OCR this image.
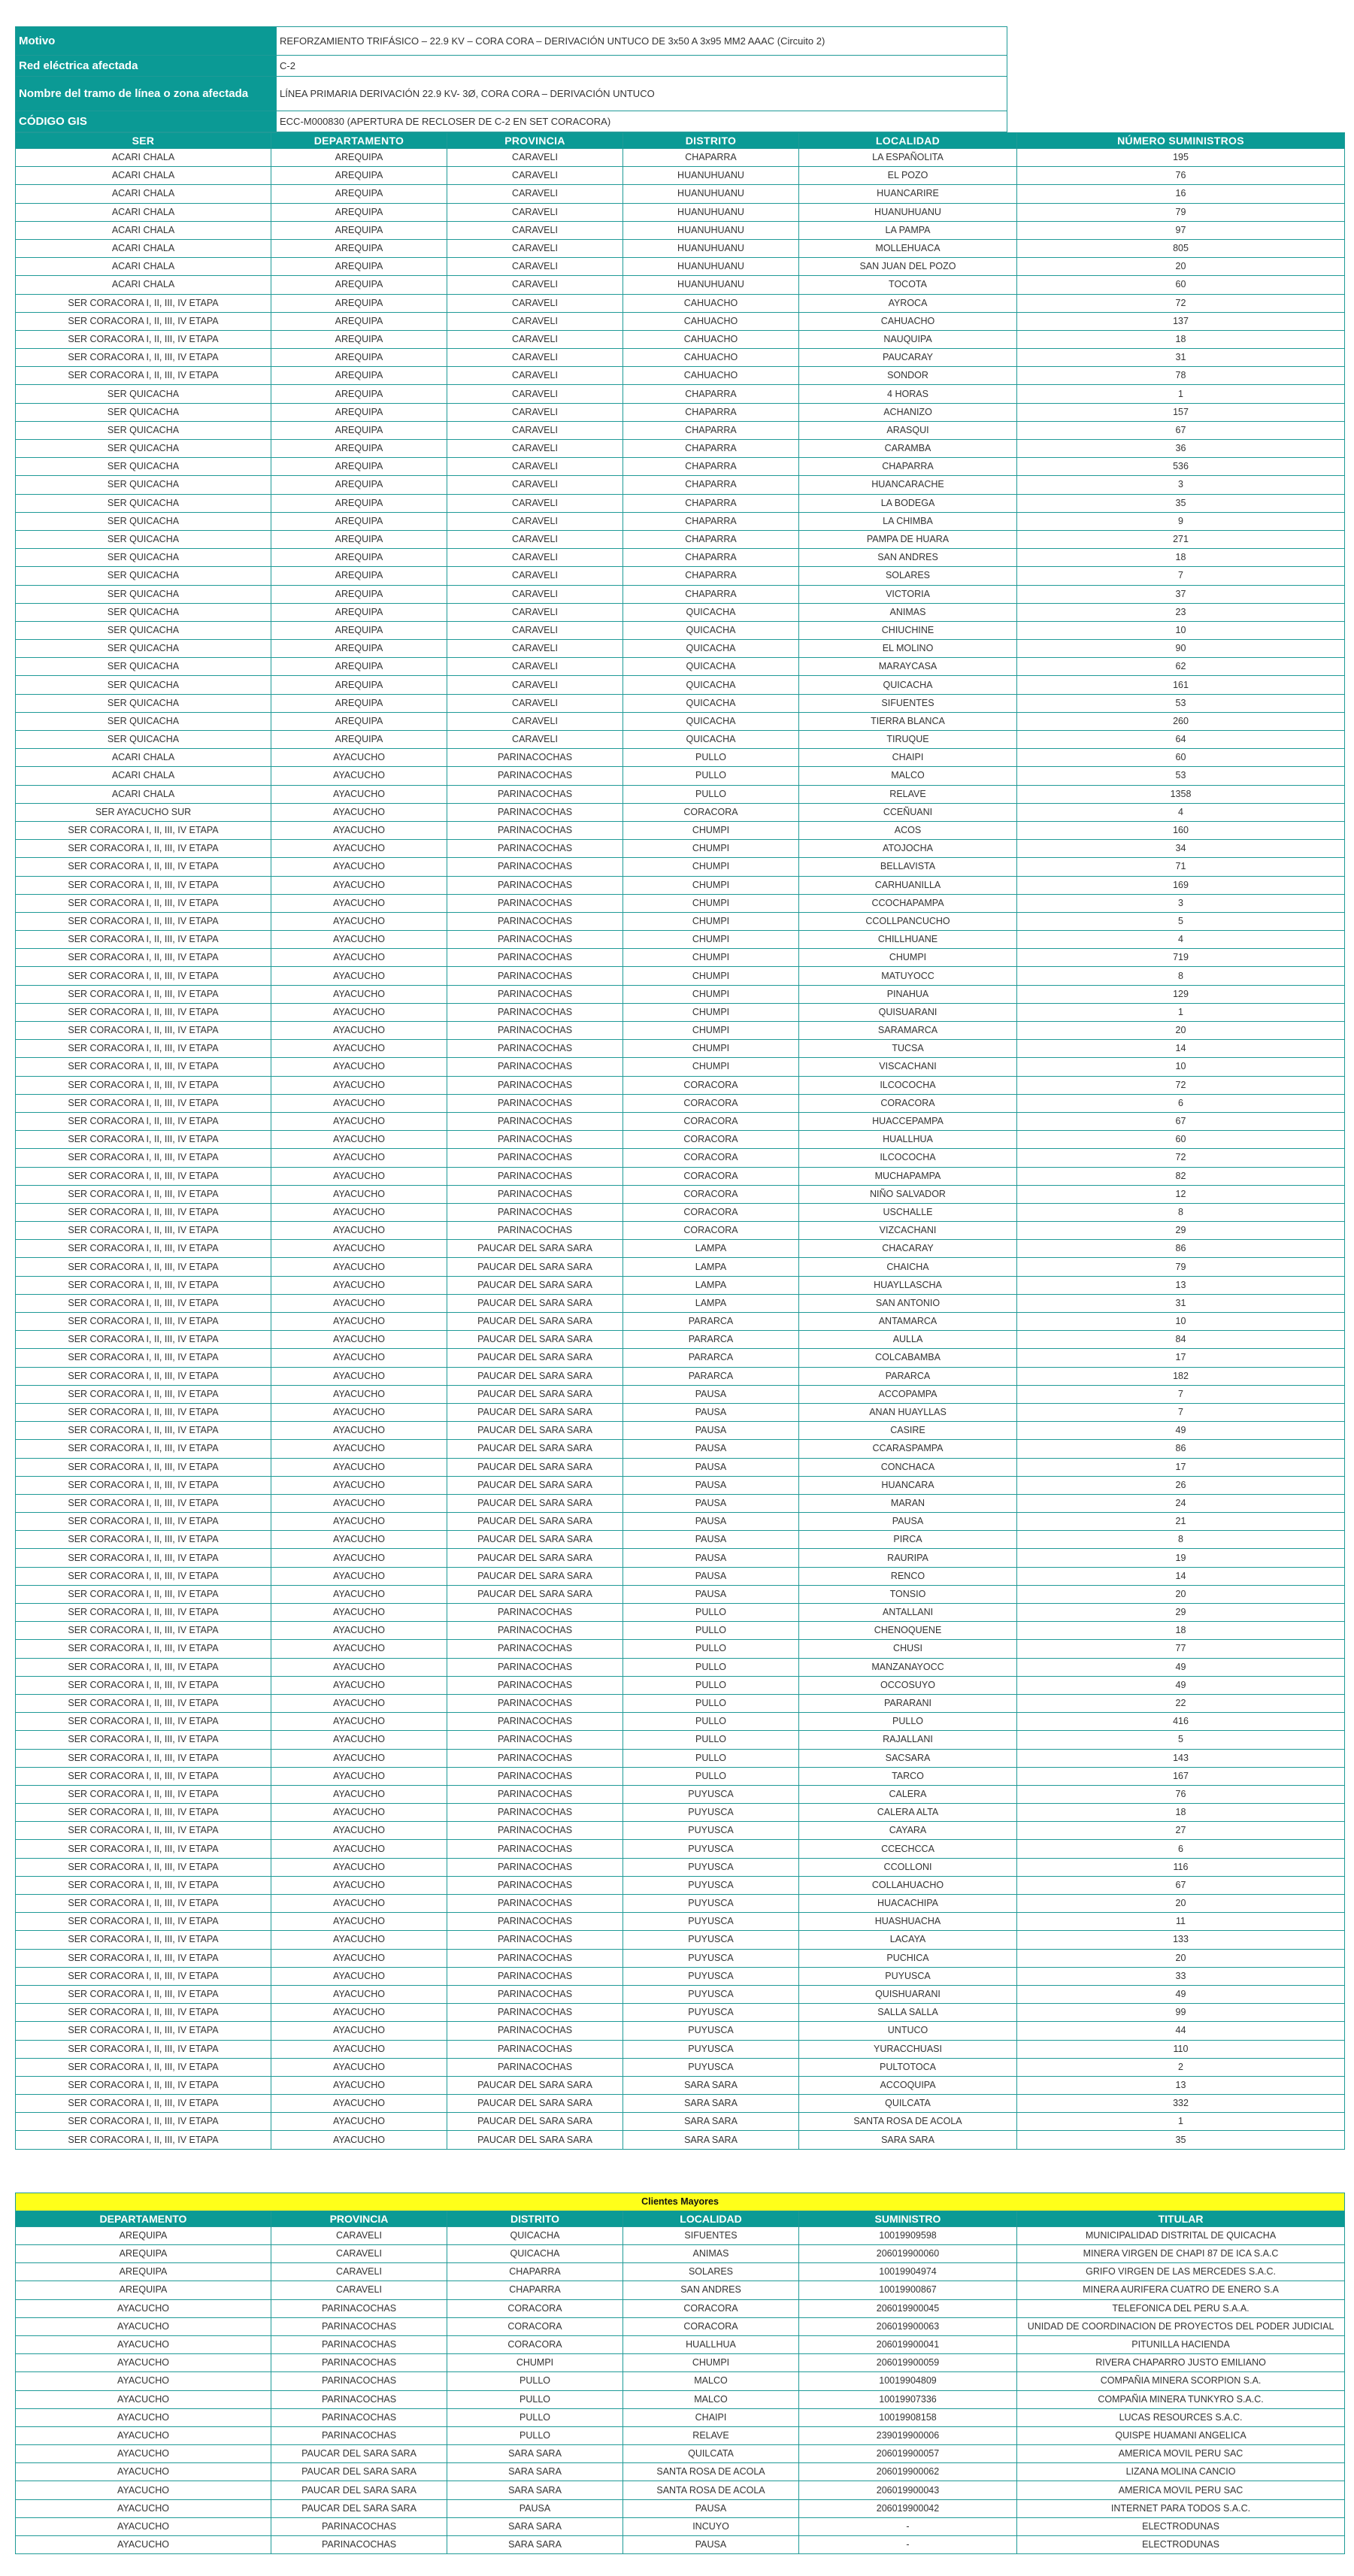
Motivo	REFORZAMIENTO TRIFÁSICO – 22.9 KV – CORA CORA – DERIVACIÓN UNTUCO DE 3x50 A 3x95 MM2 AAAC (Circuito 2)
Red eléctrica afectada	C-2
Nombre del tramo de línea o zona afectada	LÍNEA PRIMARIA DERIVACIÓN 22.9 KV- 3Ø, CORA CORA – DERIVACIÓN UNTUCO
CÓDIGO GIS	ECC-M000830 (APERTURA DE RECLOSER DE C-2 EN SET CORACORA)
SER	DEPARTAMENTO	PROVINCIA	DISTRITO	LOCALIDAD	NÚMERO SUMINISTROS
ACARI CHALA	AREQUIPA	CARAVELI	CHAPARRA	LA ESPAÑOLITA	195
ACARI CHALA	AREQUIPA	CARAVELI	HUANUHUANU	EL POZO	76
ACARI CHALA	AREQUIPA	CARAVELI	HUANUHUANU	HUANCARIRE	16
ACARI CHALA	AREQUIPA	CARAVELI	HUANUHUANU	HUANUHUANU	79
ACARI CHALA	AREQUIPA	CARAVELI	HUANUHUANU	LA PAMPA	97
ACARI CHALA	AREQUIPA	CARAVELI	HUANUHUANU	MOLLEHUACA	805
ACARI CHALA	AREQUIPA	CARAVELI	HUANUHUANU	SAN JUAN DEL POZO	20
ACARI CHALA	AREQUIPA	CARAVELI	HUANUHUANU	TOCOTA	60
SER CORACORA I, II, III, IV ETAPA	AREQUIPA	CARAVELI	CAHUACHO	AYROCA	72
SER CORACORA I, II, III, IV ETAPA	AREQUIPA	CARAVELI	CAHUACHO	CAHUACHO	137
SER CORACORA I, II, III, IV ETAPA	AREQUIPA	CARAVELI	CAHUACHO	NAUQUIPA	18
SER CORACORA I, II, III, IV ETAPA	AREQUIPA	CARAVELI	CAHUACHO	PAUCARAY	31
SER CORACORA I, II, III, IV ETAPA	AREQUIPA	CARAVELI	CAHUACHO	SONDOR	78
SER QUICACHA	AREQUIPA	CARAVELI	CHAPARRA	4 HORAS	1
SER QUICACHA	AREQUIPA	CARAVELI	CHAPARRA	ACHANIZO	157
SER QUICACHA	AREQUIPA	CARAVELI	CHAPARRA	ARASQUI	67
SER QUICACHA	AREQUIPA	CARAVELI	CHAPARRA	CARAMBA	36
SER QUICACHA	AREQUIPA	CARAVELI	CHAPARRA	CHAPARRA	536
SER QUICACHA	AREQUIPA	CARAVELI	CHAPARRA	HUANCARACHE	3
SER QUICACHA	AREQUIPA	CARAVELI	CHAPARRA	LA BODEGA	35
SER QUICACHA	AREQUIPA	CARAVELI	CHAPARRA	LA CHIMBA	9
SER QUICACHA	AREQUIPA	CARAVELI	CHAPARRA	PAMPA DE HUARA	271
SER QUICACHA	AREQUIPA	CARAVELI	CHAPARRA	SAN ANDRES	18
SER QUICACHA	AREQUIPA	CARAVELI	CHAPARRA	SOLARES	7
SER QUICACHA	AREQUIPA	CARAVELI	CHAPARRA	VICTORIA	37
SER QUICACHA	AREQUIPA	CARAVELI	QUICACHA	ANIMAS	23
SER QUICACHA	AREQUIPA	CARAVELI	QUICACHA	CHIUCHINE	10
SER QUICACHA	AREQUIPA	CARAVELI	QUICACHA	EL MOLINO	90
SER QUICACHA	AREQUIPA	CARAVELI	QUICACHA	MARAYCASA	62
SER QUICACHA	AREQUIPA	CARAVELI	QUICACHA	QUICACHA	161
SER QUICACHA	AREQUIPA	CARAVELI	QUICACHA	SIFUENTES	53
SER QUICACHA	AREQUIPA	CARAVELI	QUICACHA	TIERRA BLANCA	260
SER QUICACHA	AREQUIPA	CARAVELI	QUICACHA	TIRUQUE	64
ACARI CHALA	AYACUCHO	PARINACOCHAS	PULLO	CHAIPI	60
ACARI CHALA	AYACUCHO	PARINACOCHAS	PULLO	MALCO	53
ACARI CHALA	AYACUCHO	PARINACOCHAS	PULLO	RELAVE	1358
SER AYACUCHO SUR	AYACUCHO	PARINACOCHAS	CORACORA	CCEÑUANI	4
SER CORACORA I, II, III, IV ETAPA	AYACUCHO	PARINACOCHAS	CHUMPI	ACOS	160
SER CORACORA I, II, III, IV ETAPA	AYACUCHO	PARINACOCHAS	CHUMPI	ATOJOCHA	34
SER CORACORA I, II, III, IV ETAPA	AYACUCHO	PARINACOCHAS	CHUMPI	BELLAVISTA	71
SER CORACORA I, II, III, IV ETAPA	AYACUCHO	PARINACOCHAS	CHUMPI	CARHUANILLA	169
SER CORACORA I, II, III, IV ETAPA	AYACUCHO	PARINACOCHAS	CHUMPI	CCOCHAPAMPA	3
SER CORACORA I, II, III, IV ETAPA	AYACUCHO	PARINACOCHAS	CHUMPI	CCOLLPANCUCHO	5
SER CORACORA I, II, III, IV ETAPA	AYACUCHO	PARINACOCHAS	CHUMPI	CHILLHUANE	4
SER CORACORA I, II, III, IV ETAPA	AYACUCHO	PARINACOCHAS	CHUMPI	CHUMPI	719
SER CORACORA I, II, III, IV ETAPA	AYACUCHO	PARINACOCHAS	CHUMPI	MATUYOCC	8
SER CORACORA I, II, III, IV ETAPA	AYACUCHO	PARINACOCHAS	CHUMPI	PINAHUA	129
SER CORACORA I, II, III, IV ETAPA	AYACUCHO	PARINACOCHAS	CHUMPI	QUISUARANI	1
SER CORACORA I, II, III, IV ETAPA	AYACUCHO	PARINACOCHAS	CHUMPI	SARAMARCA	20
SER CORACORA I, II, III, IV ETAPA	AYACUCHO	PARINACOCHAS	CHUMPI	TUCSA	14
SER CORACORA I, II, III, IV ETAPA	AYACUCHO	PARINACOCHAS	CHUMPI	VISCACHANI	10
SER CORACORA I, II, III, IV ETAPA	AYACUCHO	PARINACOCHAS	CORACORA	ILCOCOCHA	72
SER CORACORA I, II, III, IV ETAPA	AYACUCHO	PARINACOCHAS	CORACORA	CORACORA	6
SER CORACORA I, II, III, IV ETAPA	AYACUCHO	PARINACOCHAS	CORACORA	HUACCEPAMPA	67
SER CORACORA I, II, III, IV ETAPA	AYACUCHO	PARINACOCHAS	CORACORA	HUALLHUA	60
SER CORACORA I, II, III, IV ETAPA	AYACUCHO	PARINACOCHAS	CORACORA	ILCOCOCHA	72
SER CORACORA I, II, III, IV ETAPA	AYACUCHO	PARINACOCHAS	CORACORA	MUCHAPAMPA	82
SER CORACORA I, II, III, IV ETAPA	AYACUCHO	PARINACOCHAS	CORACORA	NIÑO SALVADOR	12
SER CORACORA I, II, III, IV ETAPA	AYACUCHO	PARINACOCHAS	CORACORA	USCHALLE	8
SER CORACORA I, II, III, IV ETAPA	AYACUCHO	PARINACOCHAS	CORACORA	VIZCACHANI	29
SER CORACORA I, II, III, IV ETAPA	AYACUCHO	PAUCAR DEL SARA SARA	LAMPA	CHACARAY	86
SER CORACORA I, II, III, IV ETAPA	AYACUCHO	PAUCAR DEL SARA SARA	LAMPA	CHAICHA	79
SER CORACORA I, II, III, IV ETAPA	AYACUCHO	PAUCAR DEL SARA SARA	LAMPA	HUAYLLASCHA	13
SER CORACORA I, II, III, IV ETAPA	AYACUCHO	PAUCAR DEL SARA SARA	LAMPA	SAN ANTONIO	31
SER CORACORA I, II, III, IV ETAPA	AYACUCHO	PAUCAR DEL SARA SARA	PARARCA	ANTAMARCA	10
SER CORACORA I, II, III, IV ETAPA	AYACUCHO	PAUCAR DEL SARA SARA	PARARCA	AULLA	84
SER CORACORA I, II, III, IV ETAPA	AYACUCHO	PAUCAR DEL SARA SARA	PARARCA	COLCABAMBA	17
SER CORACORA I, II, III, IV ETAPA	AYACUCHO	PAUCAR DEL SARA SARA	PARARCA	PARARCA	182
SER CORACORA I, II, III, IV ETAPA	AYACUCHO	PAUCAR DEL SARA SARA	PAUSA	ACCOPAMPA	7
SER CORACORA I, II, III, IV ETAPA	AYACUCHO	PAUCAR DEL SARA SARA	PAUSA	ANAN HUAYLLAS	7
SER CORACORA I, II, III, IV ETAPA	AYACUCHO	PAUCAR DEL SARA SARA	PAUSA	CASIRE	49
SER CORACORA I, II, III, IV ETAPA	AYACUCHO	PAUCAR DEL SARA SARA	PAUSA	CCARASPAMPA	86
SER CORACORA I, II, III, IV ETAPA	AYACUCHO	PAUCAR DEL SARA SARA	PAUSA	CONCHACA	17
SER CORACORA I, II, III, IV ETAPA	AYACUCHO	PAUCAR DEL SARA SARA	PAUSA	HUANCARA	26
SER CORACORA I, II, III, IV ETAPA	AYACUCHO	PAUCAR DEL SARA SARA	PAUSA	MARAN	24
SER CORACORA I, II, III, IV ETAPA	AYACUCHO	PAUCAR DEL SARA SARA	PAUSA	PAUSA	21
SER CORACORA I, II, III, IV ETAPA	AYACUCHO	PAUCAR DEL SARA SARA	PAUSA	PIRCA	8
SER CORACORA I, II, III, IV ETAPA	AYACUCHO	PAUCAR DEL SARA SARA	PAUSA	RAURIPA	19
SER CORACORA I, II, III, IV ETAPA	AYACUCHO	PAUCAR DEL SARA SARA	PAUSA	RENCO	14
SER CORACORA I, II, III, IV ETAPA	AYACUCHO	PAUCAR DEL SARA SARA	PAUSA	TONSIO	20
SER CORACORA I, II, III, IV ETAPA	AYACUCHO	PARINACOCHAS	PULLO	ANTALLANI	29
SER CORACORA I, II, III, IV ETAPA	AYACUCHO	PARINACOCHAS	PULLO	CHENOQUENE	18
SER CORACORA I, II, III, IV ETAPA	AYACUCHO	PARINACOCHAS	PULLO	CHUSI	77
SER CORACORA I, II, III, IV ETAPA	AYACUCHO	PARINACOCHAS	PULLO	MANZANAYOCC	49
SER CORACORA I, II, III, IV ETAPA	AYACUCHO	PARINACOCHAS	PULLO	OCCOSUYO	49
SER CORACORA I, II, III, IV ETAPA	AYACUCHO	PARINACOCHAS	PULLO	PARARANI	22
SER CORACORA I, II, III, IV ETAPA	AYACUCHO	PARINACOCHAS	PULLO	PULLO	416
SER CORACORA I, II, III, IV ETAPA	AYACUCHO	PARINACOCHAS	PULLO	RAJALLANI	5
SER CORACORA I, II, III, IV ETAPA	AYACUCHO	PARINACOCHAS	PULLO	SACSARA	143
SER CORACORA I, II, III, IV ETAPA	AYACUCHO	PARINACOCHAS	PULLO	TARCO	167
SER CORACORA I, II, III, IV ETAPA	AYACUCHO	PARINACOCHAS	PUYUSCA	CALERA	76
SER CORACORA I, II, III, IV ETAPA	AYACUCHO	PARINACOCHAS	PUYUSCA	CALERA ALTA	18
SER CORACORA I, II, III, IV ETAPA	AYACUCHO	PARINACOCHAS	PUYUSCA	CAYARA	27
SER CORACORA I, II, III, IV ETAPA	AYACUCHO	PARINACOCHAS	PUYUSCA	CCECHCCA	6
SER CORACORA I, II, III, IV ETAPA	AYACUCHO	PARINACOCHAS	PUYUSCA	CCOLLONI	116
SER CORACORA I, II, III, IV ETAPA	AYACUCHO	PARINACOCHAS	PUYUSCA	COLLAHUACHO	67
SER CORACORA I, II, III, IV ETAPA	AYACUCHO	PARINACOCHAS	PUYUSCA	HUACACHIPA	20
SER CORACORA I, II, III, IV ETAPA	AYACUCHO	PARINACOCHAS	PUYUSCA	HUASHUACHA	11
SER CORACORA I, II, III, IV ETAPA	AYACUCHO	PARINACOCHAS	PUYUSCA	LACAYA	133
SER CORACORA I, II, III, IV ETAPA	AYACUCHO	PARINACOCHAS	PUYUSCA	PUCHICA	20
SER CORACORA I, II, III, IV ETAPA	AYACUCHO	PARINACOCHAS	PUYUSCA	PUYUSCA	33
SER CORACORA I, II, III, IV ETAPA	AYACUCHO	PARINACOCHAS	PUYUSCA	QUISHUARANI	49
SER CORACORA I, II, III, IV ETAPA	AYACUCHO	PARINACOCHAS	PUYUSCA	SALLA SALLA	99
SER CORACORA I, II, III, IV ETAPA	AYACUCHO	PARINACOCHAS	PUYUSCA	UNTUCO	44
SER CORACORA I, II, III, IV ETAPA	AYACUCHO	PARINACOCHAS	PUYUSCA	YURACCHUASI	110
SER CORACORA I, II, III, IV ETAPA	AYACUCHO	PARINACOCHAS	PUYUSCA	PULTOTOCA	2
SER CORACORA I, II, III, IV ETAPA	AYACUCHO	PAUCAR DEL SARA SARA	SARA SARA	ACCOQUIPA	13
SER CORACORA I, II, III, IV ETAPA	AYACUCHO	PAUCAR DEL SARA SARA	SARA SARA	QUILCATA	332
SER CORACORA I, II, III, IV ETAPA	AYACUCHO	PAUCAR DEL SARA SARA	SARA SARA	SANTA ROSA DE ACOLA	1
SER CORACORA I, II, III, IV ETAPA	AYACUCHO	PAUCAR DEL SARA SARA	SARA SARA	SARA SARA	35
Clientes Mayores					
DEPARTAMENTO	PROVINCIA	DISTRITO	LOCALIDAD	SUMINISTRO	TITULAR
AREQUIPA	CARAVELI	QUICACHA	SIFUENTES	10019909598	MUNICIPALIDAD DISTRITAL DE QUICACHA
AREQUIPA	CARAVELI	QUICACHA	ANIMAS	206019900060	MINERA VIRGEN DE CHAPI 87 DE ICA S.A.C
AREQUIPA	CARAVELI	CHAPARRA	SOLARES	10019904974	GRIFO VIRGEN DE LAS MERCEDES S.A.C.
AREQUIPA	CARAVELI	CHAPARRA	SAN ANDRES	10019900867	MINERA AURIFERA CUATRO DE ENERO S.A
AYACUCHO	PARINACOCHAS	CORACORA	CORACORA	206019900045	TELEFONICA DEL PERU S.A.A.
AYACUCHO	PARINACOCHAS	CORACORA	CORACORA	206019900063	UNIDAD DE COORDINACION DE PROYECTOS DEL PODER JUDICIAL
AYACUCHO	PARINACOCHAS	CORACORA	HUALLHUA	206019900041	PITUNILLA HACIENDA
AYACUCHO	PARINACOCHAS	CHUMPI	CHUMPI	206019900059	RIVERA CHAPARRO JUSTO EMILIANO
AYACUCHO	PARINACOCHAS	PULLO	MALCO	10019904809	COMPAÑIA MINERA SCORPION S.A.
AYACUCHO	PARINACOCHAS	PULLO	MALCO	10019907336	COMPAÑIA MINERA TUNKYRO S.A.C.
AYACUCHO	PARINACOCHAS	PULLO	CHAIPI	10019908158	LUCAS RESOURCES S.A.C.
AYACUCHO	PARINACOCHAS	PULLO	RELAVE	239019900006	QUISPE HUAMANI ANGELICA
AYACUCHO	PAUCAR DEL SARA SARA	SARA SARA	QUILCATA	206019900057	AMERICA MOVIL PERU SAC
AYACUCHO	PAUCAR DEL SARA SARA	SARA SARA	SANTA ROSA DE ACOLA	206019900062	LIZANA MOLINA CANCIO
AYACUCHO	PAUCAR DEL SARA SARA	SARA SARA	SANTA ROSA DE ACOLA	206019900043	AMERICA MOVIL PERU SAC
AYACUCHO	PAUCAR DEL SARA SARA	PAUSA	PAUSA	206019900042	INTERNET PARA TODOS S.A.C.
AYACUCHO	PARINACOCHAS	SARA SARA	INCUYO	-	ELECTRODUNAS
AYACUCHO	PARINACOCHAS	SARA SARA	PAUSA	-	ELECTRODUNAS
